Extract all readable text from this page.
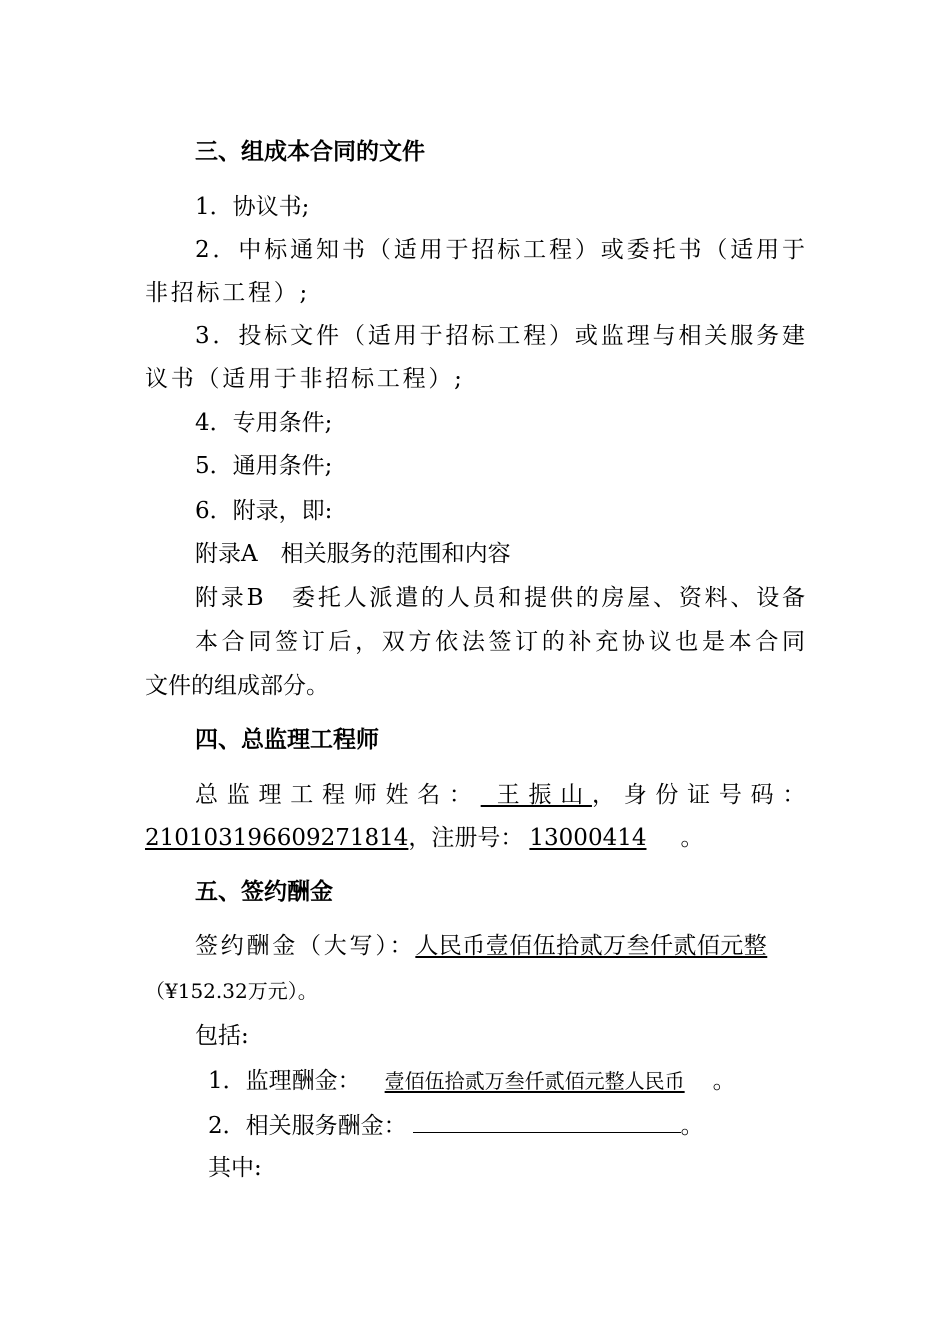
三、组成本合同的文件
1．协议书;
2．中标通知书（适用于招标工程）或委托书（适用于
非招标工程）;
3．投标文件（适用于招标工程）或监理与相关服务建
议书（适用于非招标工程）;
4．专用条件;
5．通用条件;
6．附录，即:
附录A　相关服务的范围和内容
附录B　委托人派遣的人员和提供的房屋、资料、设备
本合同签订后，双方依法签订的补充协议也是本合同
文件的组成部分。
四、总监理工程师
总监理工程师姓名： 王振山，身份证号码：
210103196609271814，注册号： 13000414 。
五、签约酬金
签约酬金（大写）：人民币壹佰伍拾贰万叁仟贰佰元整
（¥152.32万元）。
包括:
1．监理酬金： 壹佰伍拾贰万叁仟贰佰元整人民币 。
2．相关服务酬金：	。
其中:
